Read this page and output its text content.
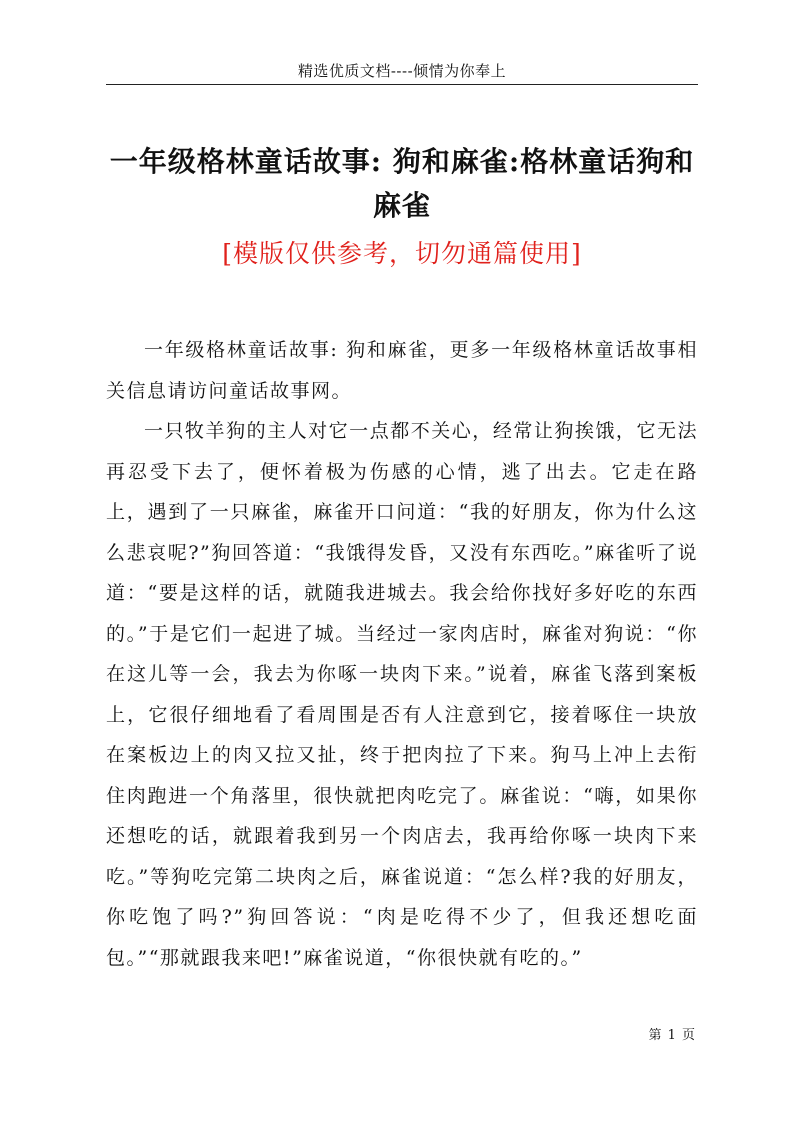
精选优质文档----倾情为你奉上
一年级格林童话故事: 狗和麻雀:格林童话狗和麻雀
[模版仅供参考，切勿通篇使用]

一年级格林童话故事: 狗和麻雀，更多一年级格林童话故事相关信息请访问童话故事网。

一只牧羊狗的主人对它一点都不关心，经常让狗挨饿，它无法再忍受下去了，便怀着极为伤感的心情，逃了出去。它走在路上，遇到了一只麻雀，麻雀开口问道：“我的好朋友，你为什么这么悲哀呢?”狗回答道：“我饿得发昏，又没有东西吃。”麻雀听了说道：“要是这样的话，就随我进城去。我会给你找好多好吃的东西的。”于是它们一起进了城。当经过一家肉店时，麻雀对狗说：“你在这儿等一会，我去为你啄一块肉下来。”说着，麻雀飞落到案板上，它很仔细地看了看周围是否有人注意到它，接着啄住一块放在案板边上的肉又拉又扯，终于把肉拉了下来。狗马上冲上去衔住肉跑进一个角落里，很快就把肉吃完了。麻雀说：“嗨，如果你还想吃的话，就跟着我到另一个肉店去，我再给你啄一块肉下来吃。”等狗吃完第二块肉之后，麻雀说道：“怎么样?我的好朋友，你吃饱了吗?”狗回答说：“肉是吃得不少了，但我还想吃面包。”“那就跟我来吧!”麻雀说道，“你很快就有吃的。”

第 1 页
